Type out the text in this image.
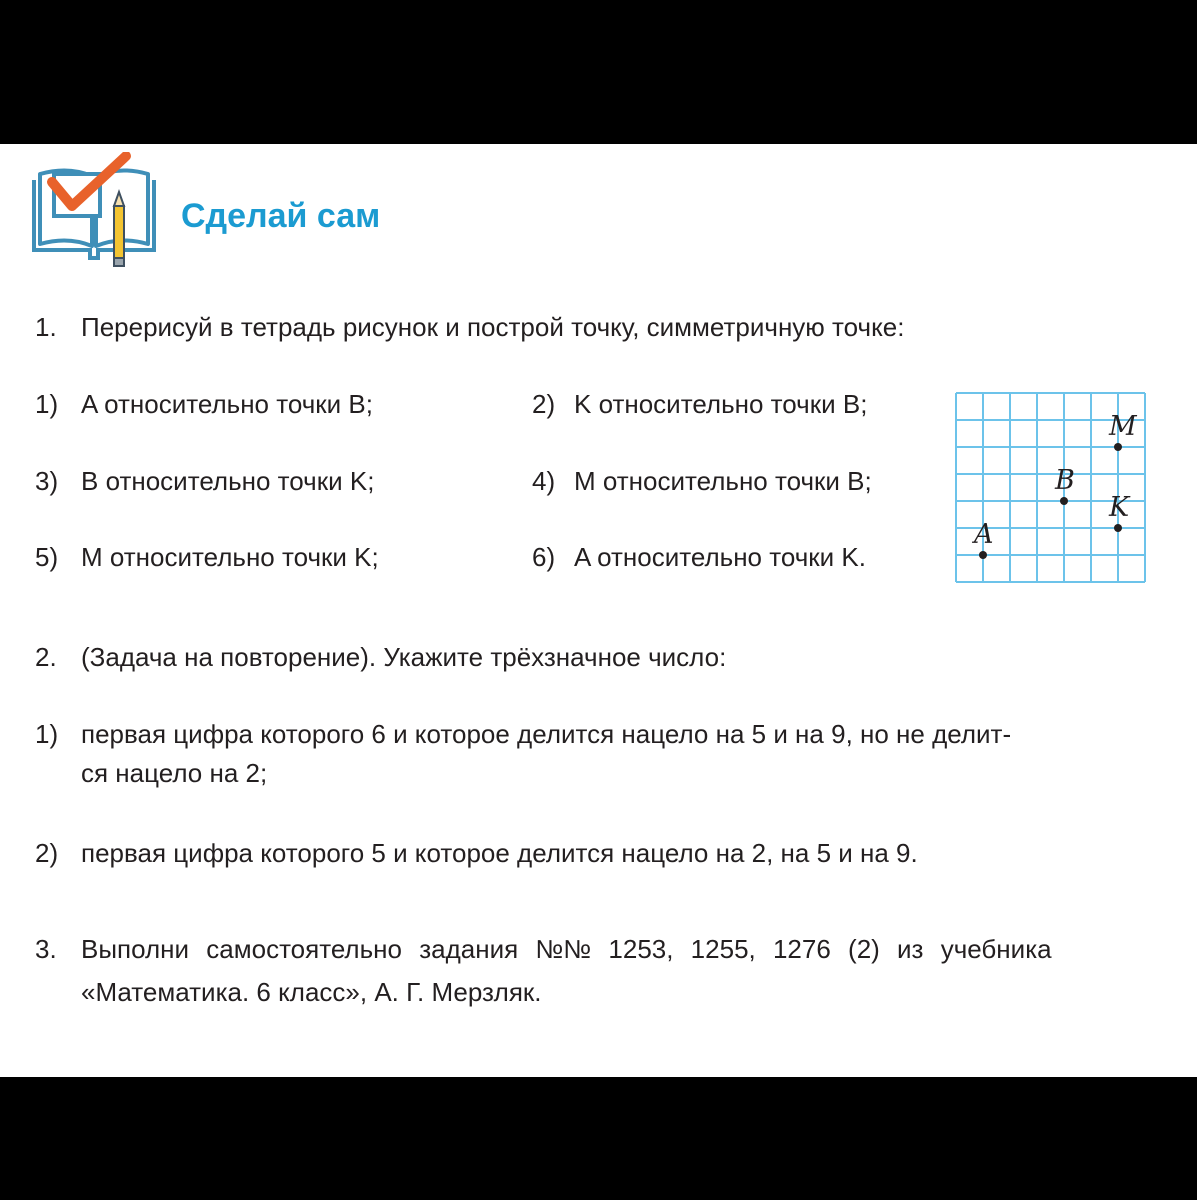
Сделай сам
1. Перерисуй в тетрадь рисунок и построй точку, симметричную точке:
1) A относительно точки B;	2) K относительно точки B;
3) B относительно точки K;	4) M относительно точки B;
5) M относительно точки K;	6) A относительно точки K.
A
B
K
M
2. (Задача на повторение). Укажите трёхзначное число:
1) первая цифра которого 6 и которое делится нацело на 5 и на 9, но не делит-
ся нацело на 2;
2) первая цифра которого 5 и которое делится нацело на 2, на 5 и на 9.
3. Выполни самостоятельно задания №№ 1253, 1255, 1276 (2) из учебника
«Математика. 6 класс», А. Г. Мерзляк.
